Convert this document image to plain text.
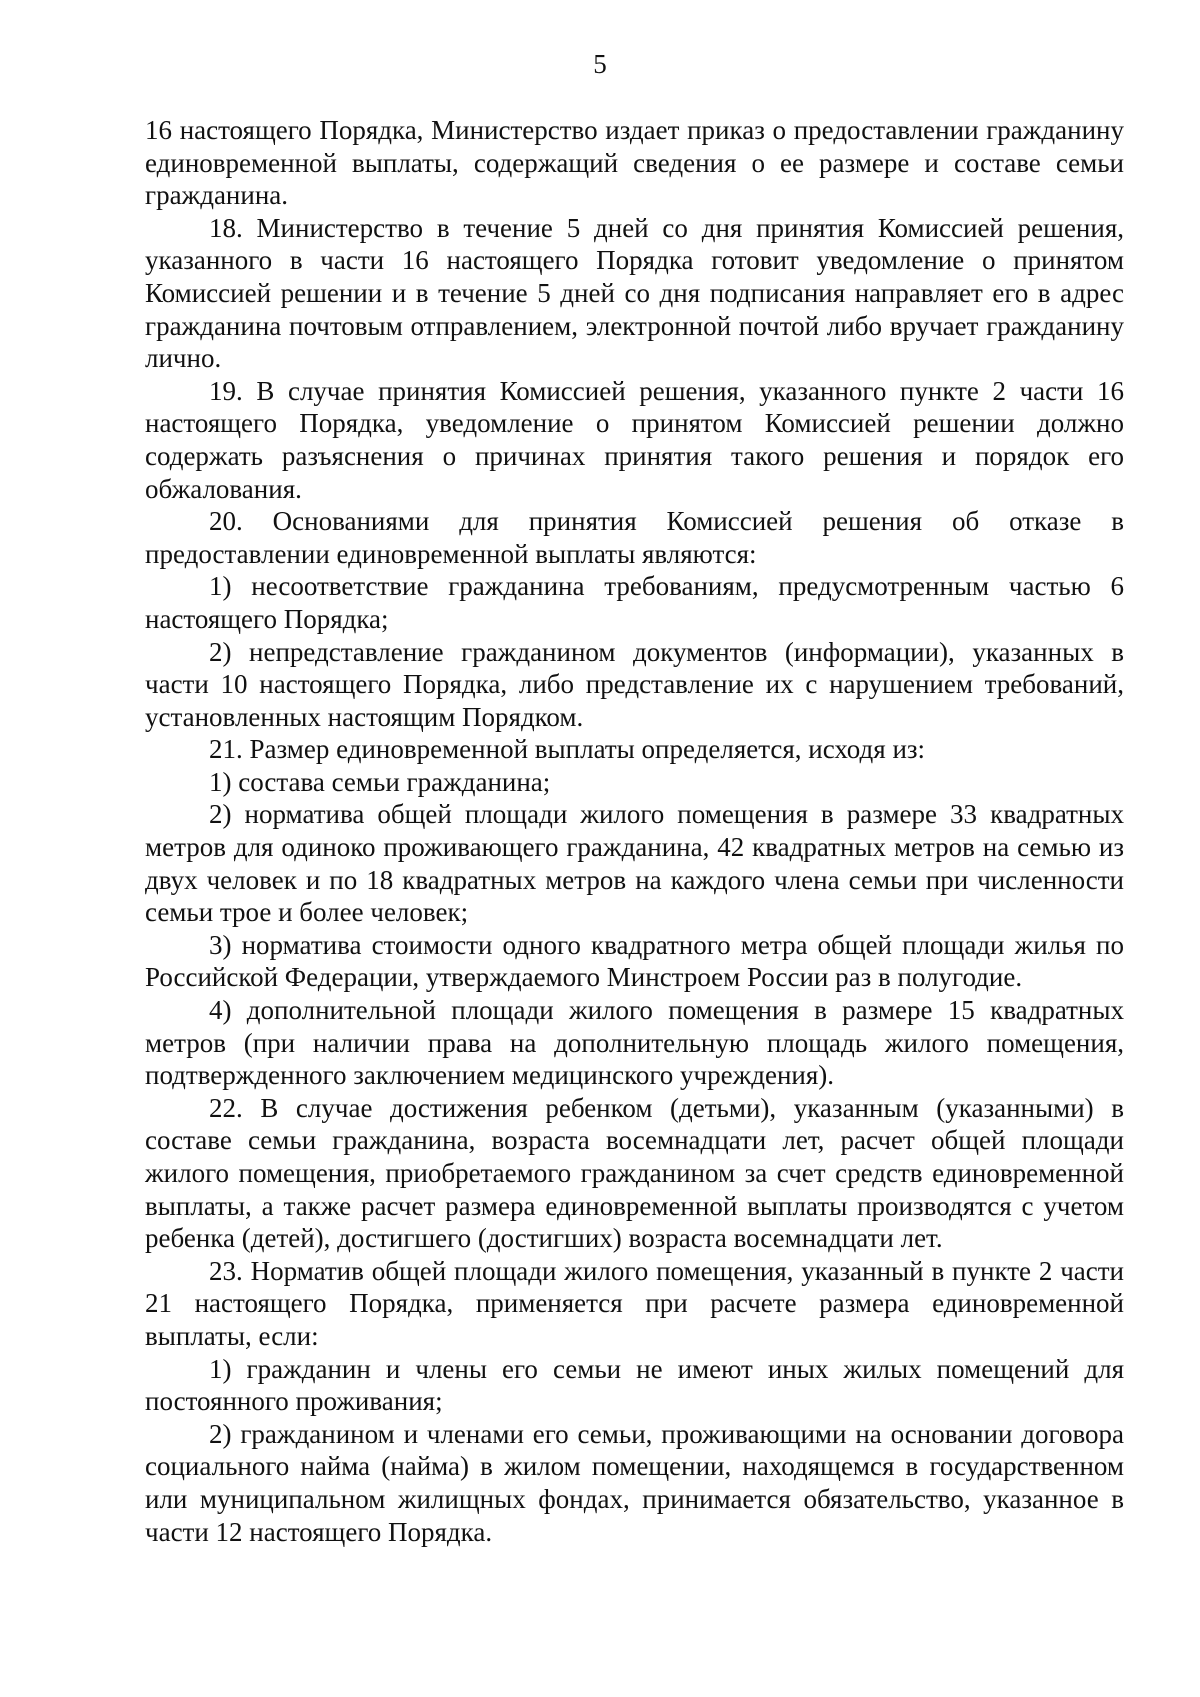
5

16 настоящего Порядка, Министерство издает приказ о предоставлении гражданину единовременной выплаты, содержащий сведения о ее размере и составе семьи гражданина.

18. Министерство в течение 5 дней со дня принятия Комиссией решения, указанного в части 16 настоящего Порядка готовит уведомление о принятом Комиссией решении и в течение 5 дней со дня подписания направляет его в адрес гражданина почтовым отправлением, электронной почтой либо вручает гражданину лично.

19. В случае принятия Комиссией решения, указанного пункте 2 части 16 настоящего Порядка, уведомление о принятом Комиссией решении должно содержать разъяснения о причинах принятия такого решения и порядок его обжалования.

20. Основаниями для принятия Комиссией решения об отказе в предоставлении единовременной выплаты являются:

1) несоответствие гражданина требованиям, предусмотренным частью 6 настоящего Порядка;

2) непредставление гражданином документов (информации), указанных в части 10 настоящего Порядка, либо представление их с нарушением требований, установленных настоящим Порядком.

21. Размер единовременной выплаты определяется, исходя из:

1) состава семьи гражданина;

2) норматива общей площади жилого помещения в размере 33 квадратных метров для одиноко проживающего гражданина, 42 квадратных метров на семью из двух человек и по 18 квадратных метров на каждого члена семьи при численности семьи трое и более человек;

3) норматива стоимости одного квадратного метра общей площади жилья по Российской Федерации, утверждаемого Минстроем России раз в полугодие.

4) дополнительной площади жилого помещения в размере 15 квадратных метров (при наличии права на дополнительную площадь жилого помещения, подтвержденного заключением медицинского учреждения).

22. В случае достижения ребенком (детьми), указанным (указанными) в составе семьи гражданина, возраста восемнадцати лет, расчет общей площади жилого помещения, приобретаемого гражданином за счет средств единовременной выплаты, а также расчет размера единовременной выплаты производятся с учетом ребенка (детей), достигшего (достигших) возраста восемнадцати лет.

23. Норматив общей площади жилого помещения, указанный в пункте 2 части 21 настоящего Порядка, применяется при расчете размера единовременной выплаты, если:

1) гражданин и члены его семьи не имеют иных жилых помещений для постоянного проживания;

2) гражданином и членами его семьи, проживающими на основании договора социального найма (найма) в жилом помещении, находящемся в государственном или муниципальном жилищных фондах, принимается обязательство, указанное в части 12 настоящего Порядка.
